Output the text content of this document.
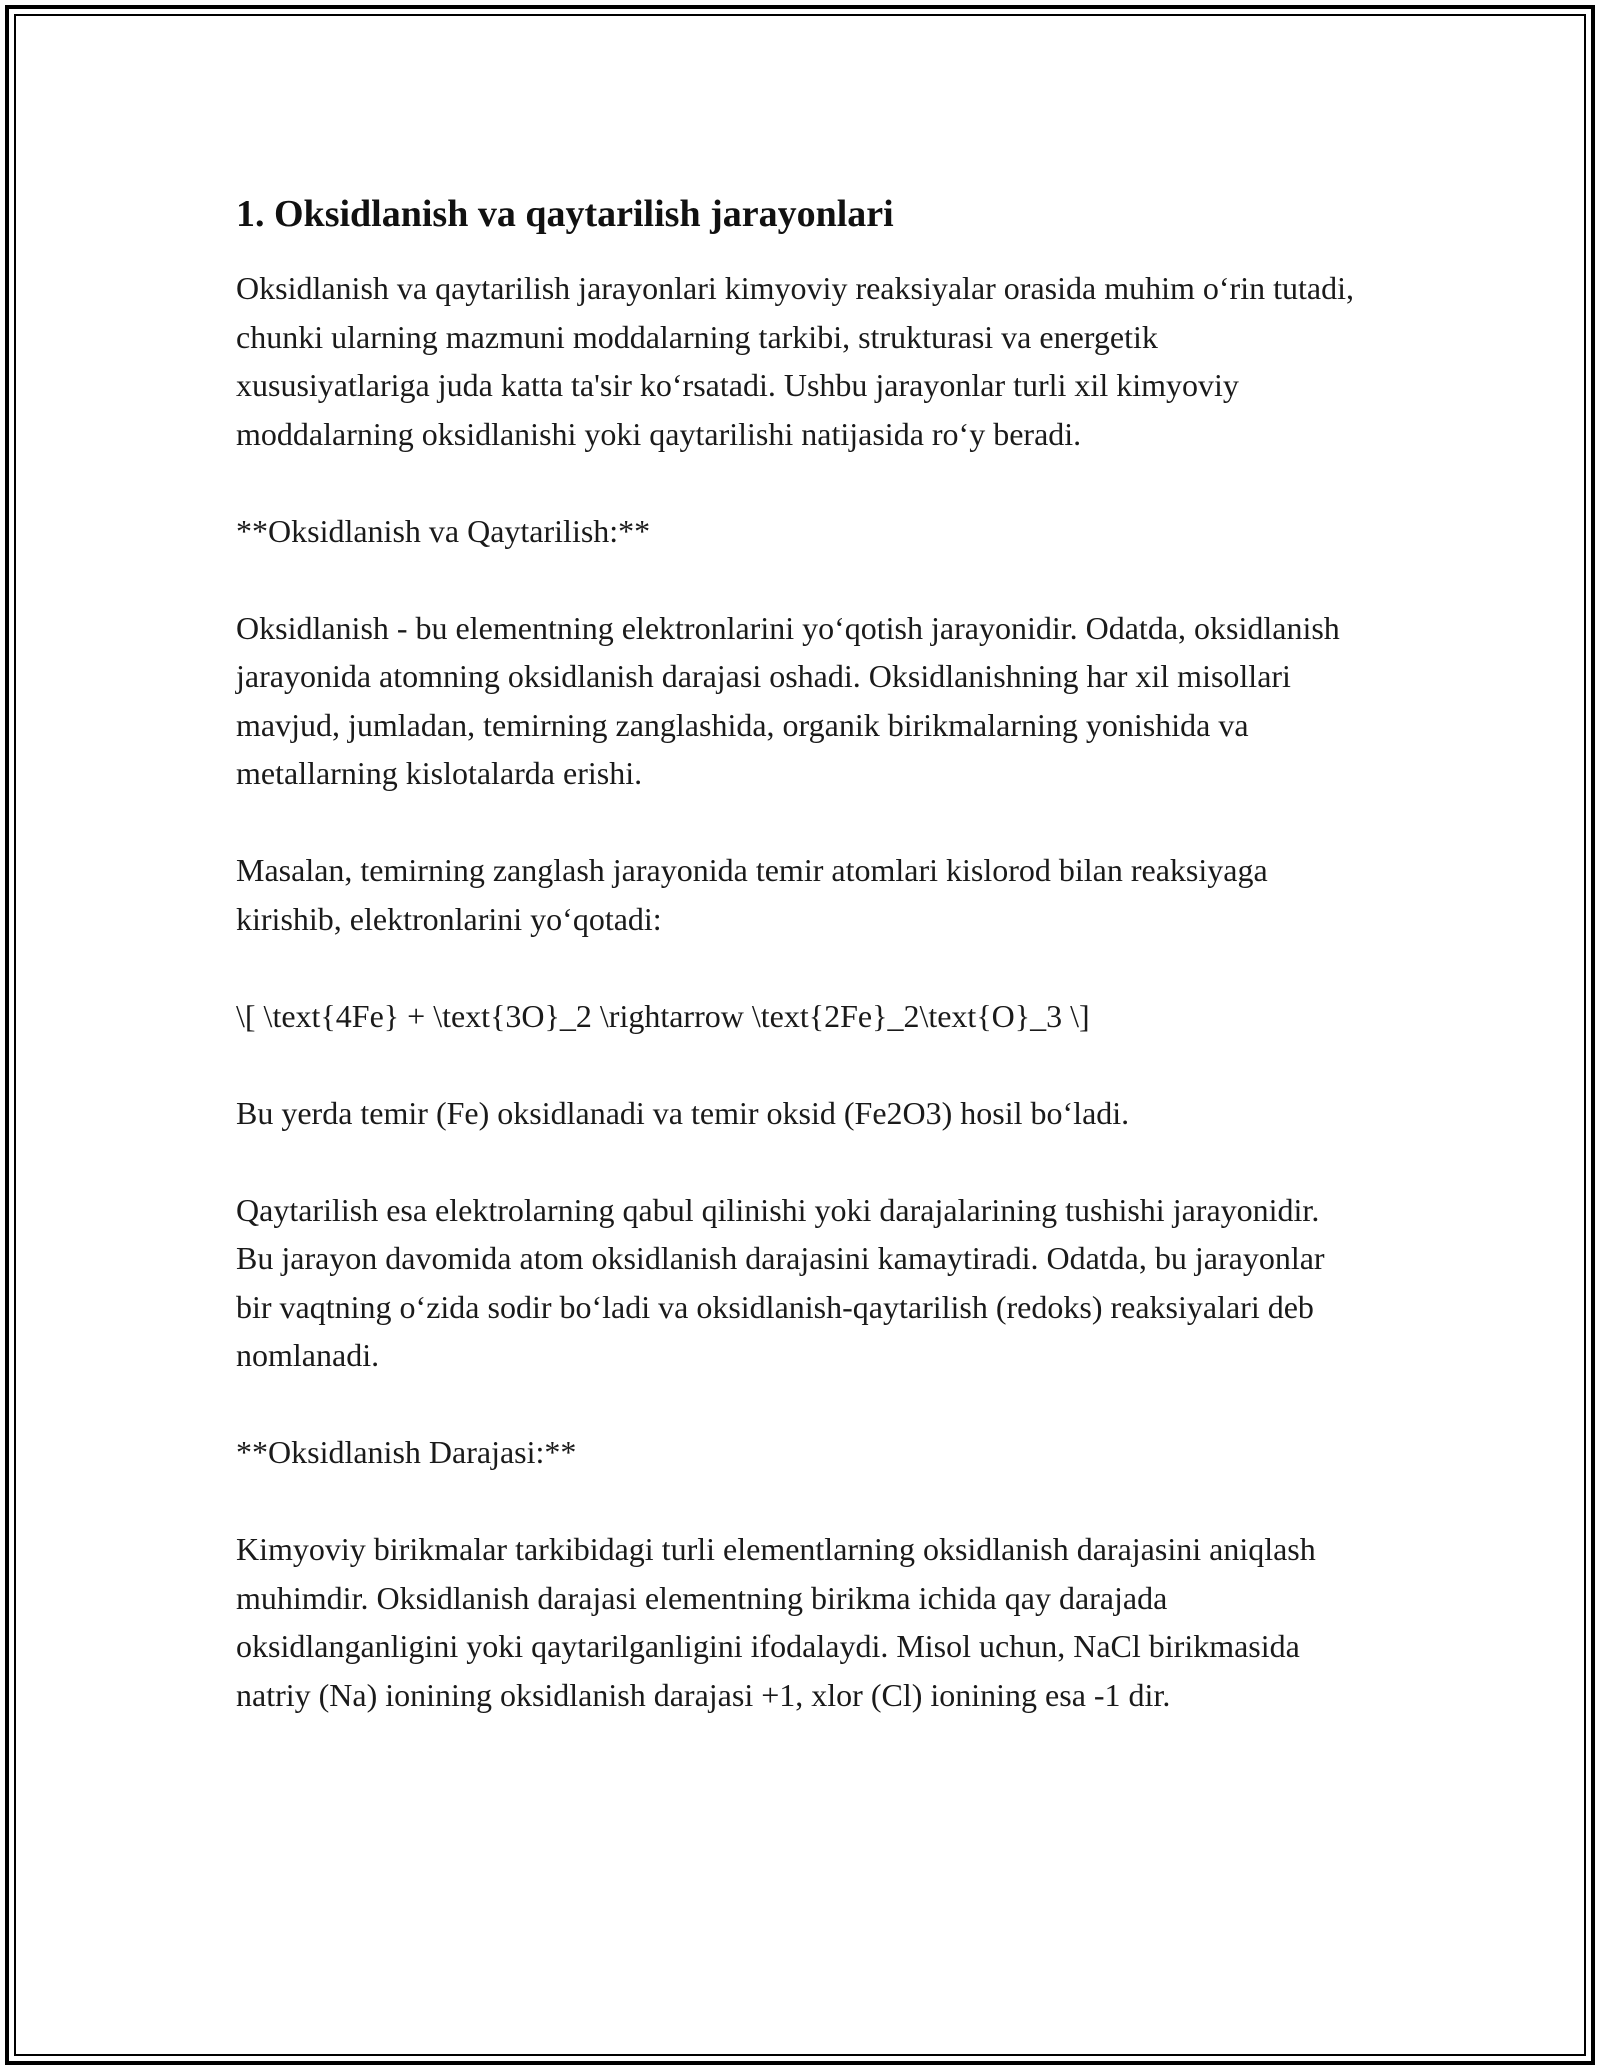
1. Oksidlanish va qaytarilish jarayonlari

Oksidlanish va qaytarilish jarayonlari kimyoviy reaksiyalar orasida muhim o‘rin tutadi, chunki ularning mazmuni moddalarning tarkibi, strukturasi va energetik xususiyatlariga juda katta ta'sir ko‘rsatadi. Ushbu jarayonlar turli xil kimyoviy moddalarning oksidlanishi yoki qaytarilishi natijasida ro‘y beradi.

**Oksidlanish va Qaytarilish:**

Oksidlanish - bu elementning elektronlarini yo‘qotish jarayonidir. Odatda, oksidlanish jarayonida atomning oksidlanish darajasi oshadi. Oksidlanishning har xil misollari mavjud, jumladan, temirning zanglashida, organik birikmalarning yonishida va metallarning kislotalarda erishi.

Masalan, temirning zanglash jarayonida temir atomlari kislorod bilan reaksiyaga kirishib, elektronlarini yo‘qotadi:

\[ \text{4Fe} + \text{3O}_2 \rightarrow \text{2Fe}_2\text{O}_3 \]

Bu yerda temir (Fe) oksidlanadi va temir oksid (Fe2O3) hosil bo‘ladi.

Qaytarilish esa elektrolarning qabul qilinishi yoki darajalarining tushishi jarayonidir. Bu jarayon davomida atom oksidlanish darajasini kamaytiradi. Odatda, bu jarayonlar bir vaqtning o‘zida sodir bo‘ladi va oksidlanish-qaytarilish (redoks) reaksiyalari deb nomlanadi.

**Oksidlanish Darajasi:**

Kimyoviy birikmalar tarkibidagi turli elementlarning oksidlanish darajasini aniqlash muhimdir. Oksidlanish darajasi elementning birikma ichida qay darajada oksidlanganligini yoki qaytarilganligini ifodalaydi. Misol uchun, NaCl birikmasida natriy (Na) ionining oksidlanish darajasi +1, xlor (Cl) ionining esa -1 dir.
